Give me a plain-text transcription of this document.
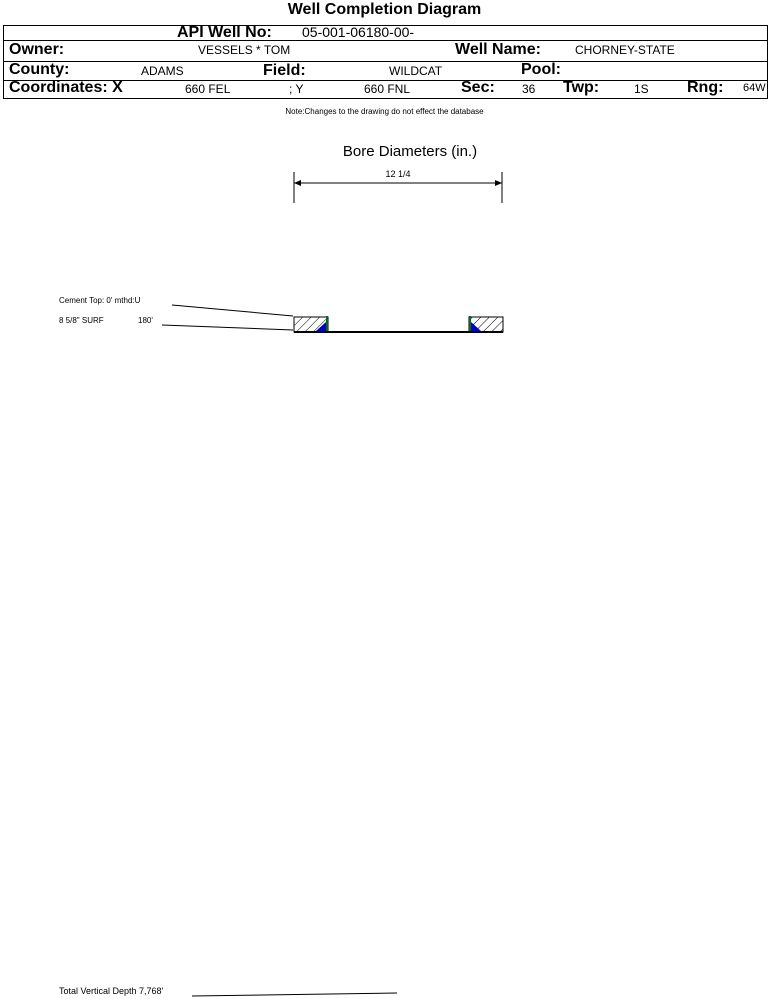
Well Completion Diagram
API Well No: 05-001-06180-00-
Owner:	VESSELS * TOM	Well Name:	CHORNEY-STATE
County:	ADAMS	Field:	WILDCAT	Pool:
Coordinates: X	660 FEL	; Y	660 FNL	Sec: 36 Twp:	1S Rng: 64W
Note:Changes to the drawing do not effect the database
Bore Diameters (in.)
12 1/4
Cement Top: 0' mthd:U
8 5/8" SURF	180'
Total Vertical Depth 7,768'
